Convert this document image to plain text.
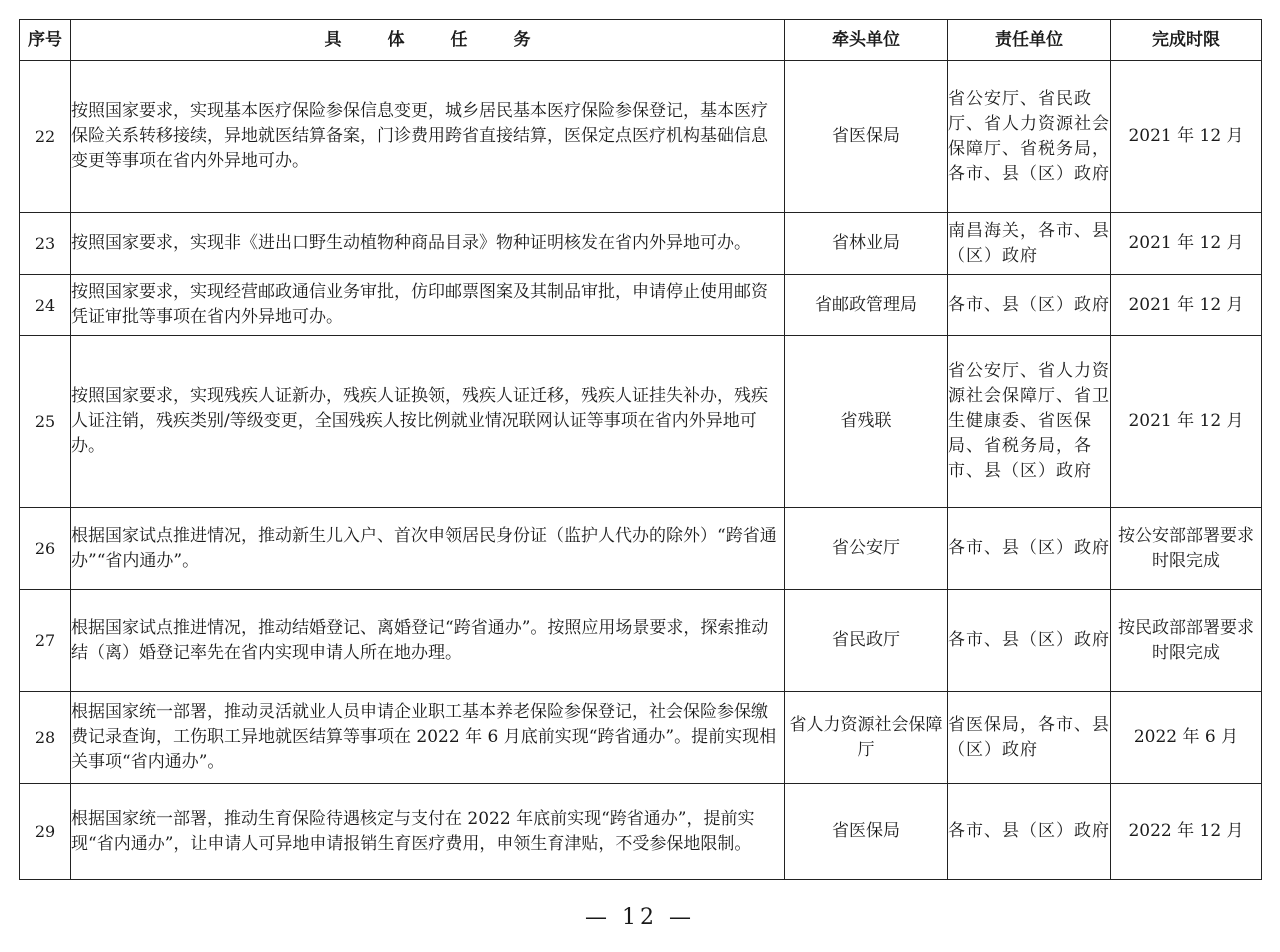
序号	具体任务	牵头单位	责任单位	完成时限
22	按照国家要求，实现基本医疗保险参保信息变更，城乡居民基本医疗保险参保登记，基本医疗保险关系转移接续，异地就医结算备案，门诊费用跨省直接结算，医保定点医疗机构基础信息变更等事项在省内外异地可办。	省医保局	省公安厅、省民政厅、省人力资源社会保障厅、省税务局，各市、县（区）政府	2021 年 12 月
23	按照国家要求，实现非《进出口野生动植物种商品目录》物种证明核发在省内外异地可办。	省林业局	南昌海关，各市、县（区）政府	2021 年 12 月
24	按照国家要求，实现经营邮政通信业务审批，仿印邮票图案及其制品审批，申请停止使用邮资凭证审批等事项在省内外异地可办。	省邮政管理局	各市、县（区）政府	2021 年 12 月
25	按照国家要求，实现残疾人证新办，残疾人证换领，残疾人证迁移，残疾人证挂失补办，残疾人证注销，残疾类别/等级变更，全国残疾人按比例就业情况联网认证等事项在省内外异地可办。	省残联	省公安厅、省人力资源社会保障厅、省卫生健康委、省医保局、省税务局，各市、县（区）政府	2021 年 12 月
26	根据国家试点推进情况，推动新生儿入户、首次申领居民身份证（监护人代办的除外）“跨省通办”“省内通办”。	省公安厅	各市、县（区）政府	按公安部部署要求时限完成
27	根据国家试点推进情况，推动结婚登记、离婚登记“跨省通办”。按照应用场景要求，探索推动结（离）婚登记率先在省内实现申请人所在地办理。	省民政厅	各市、县（区）政府	按民政部部署要求时限完成
28	根据国家统一部署，推动灵活就业人员申请企业职工基本养老保险参保登记，社会保险参保缴费记录查询，工伤职工异地就医结算等事项在 2022 年 6 月底前实现“跨省通办”。提前实现相关事项“省内通办”。	省人力资源社会保障厅	省医保局，各市、县（区）政府	2022 年 6 月
29	根据国家统一部署，推动生育保险待遇核定与支付在 2022 年底前实现“跨省通办”，提前实现“省内通办”，让申请人可异地申请报销生育医疗费用，申领生育津贴，不受参保地限制。	省医保局	各市、县（区）政府	2022 年 12 月
— 12 —
